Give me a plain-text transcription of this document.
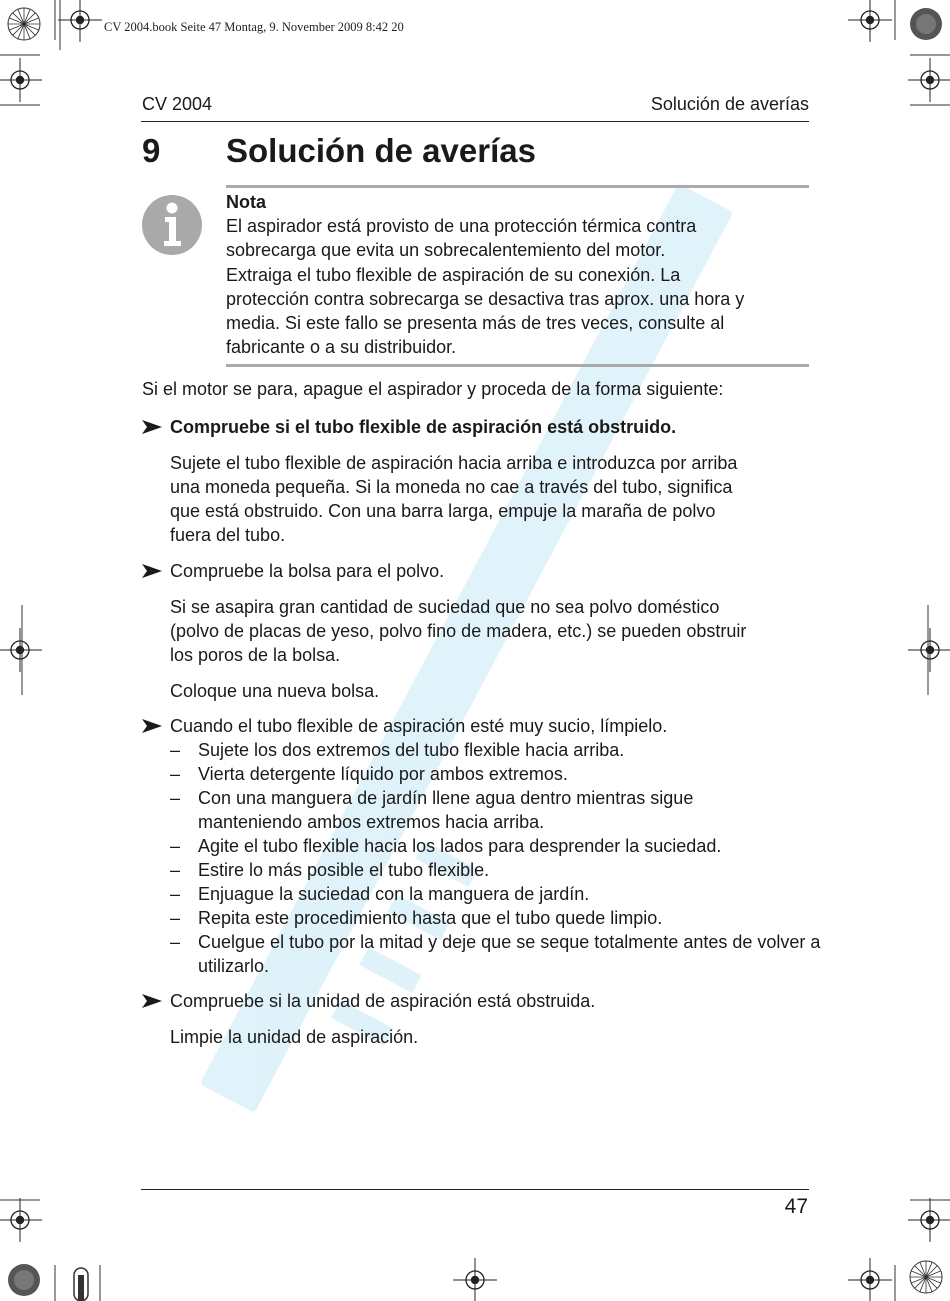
CV 2004.book Seite 47 Montag, 9. November 2009 8:42 20
CV 2004	Solución de averías
9 Solución de averías
Nota

El aspirador está provisto de una protección térmica contra

sobrecarga que evita un sobrecalentemiento del motor.

Extraiga el tubo flexible de aspiración de su conexión. La

protección contra sobrecarga se desactiva tras aprox. una hora y

media. Si este fallo se presenta más de tres veces, consulte al

fabricante o a su distribuidor.

Si el motor se para, apague el aspirador y proceda de la forma siguiente:
Compruebe si el tubo flexible de aspiración está obstruido.

Sujete el tubo flexible de aspiración hacia arriba e introduzca por arriba

una moneda pequeña. Si la moneda no cae a través del tubo, significa

que está obstruido. Con una barra larga, empuje la maraña de polvo

fuera del tubo.

Compruebe la bolsa para el polvo.

Si se asapira gran cantidad de suciedad que no sea polvo doméstico

(polvo de placas de yeso, polvo fino de madera, etc.) se pueden obstruir

los poros de la bolsa.

Coloque una nueva bolsa.

Cuando el tubo flexible de aspiración esté muy sucio, límpielo.
– Sujete los dos extremos del tubo flexible hacia arriba.
– Vierta detergente líquido por ambos extremos.
– Con una manguera de jardín llene agua dentro mientras sigue manteniendo ambos extremos hacia arriba.
– Agite el tubo flexible hacia los lados para desprender la suciedad.
– Estire lo más posible el tubo flexible.
– Enjuague la suciedad con la manguera de jardín.
– Repita este procedimiento hasta que el tubo quede limpio.
– Cuelgue el tubo por la mitad y deje que se seque totalmente antes de volver a utilizarlo.
Compruebe si la unidad de aspiración está obstruida.

Limpie la unidad de aspiración.

47
